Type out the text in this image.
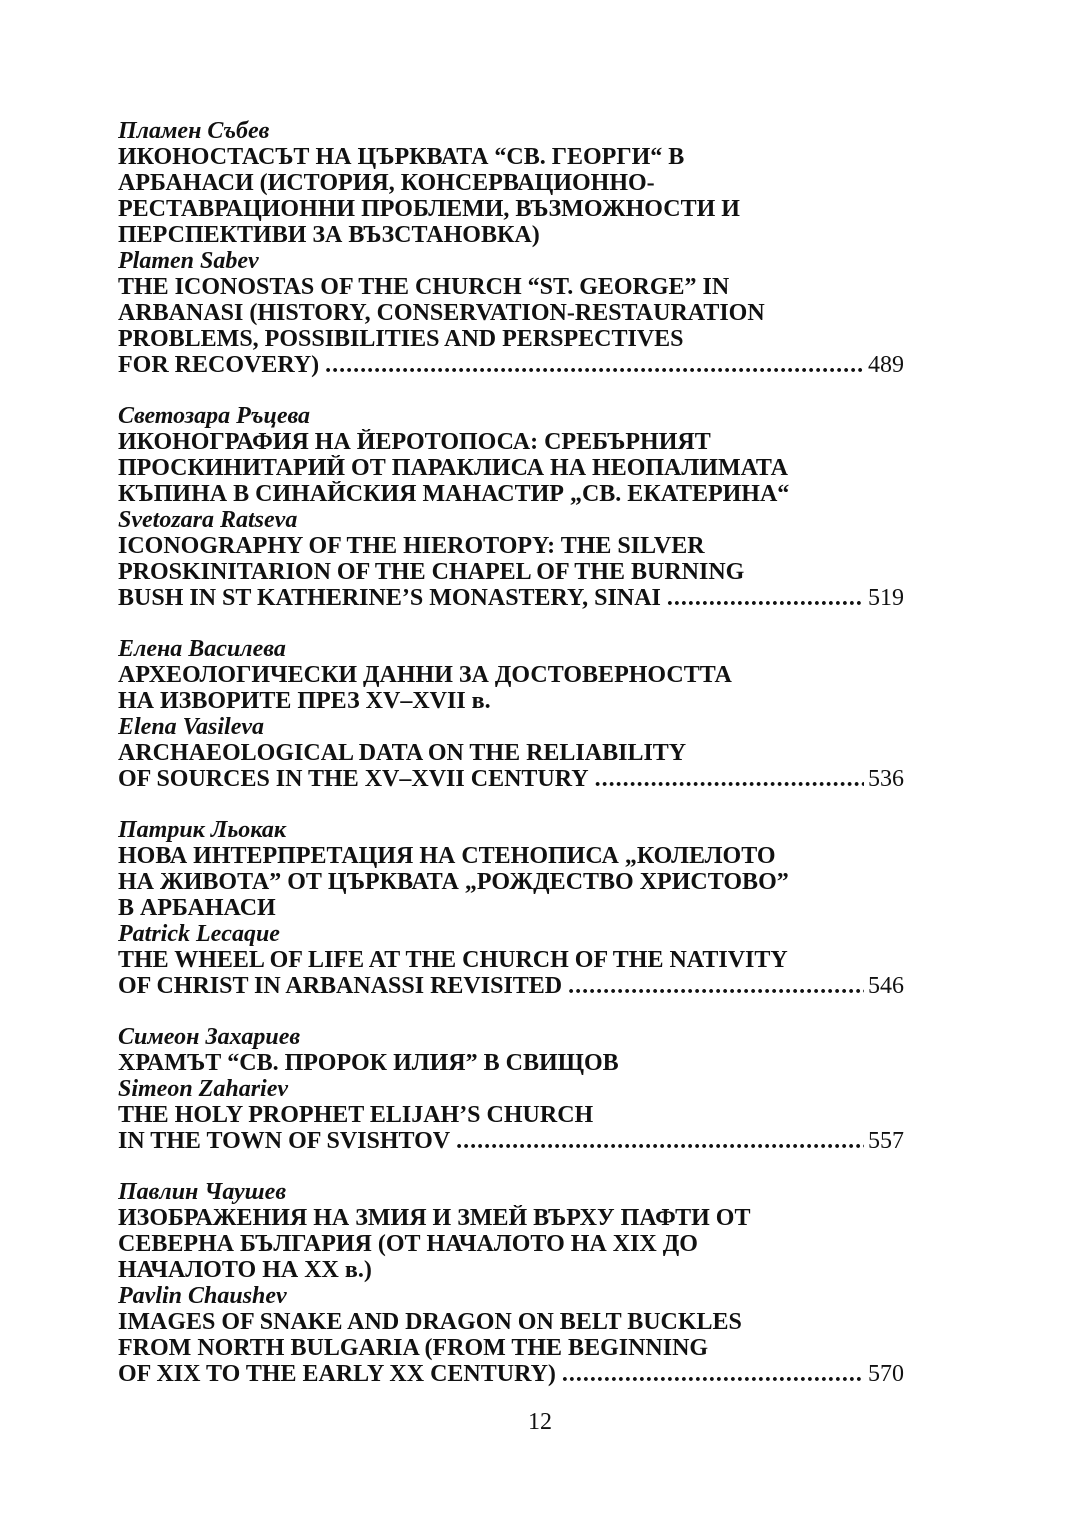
Пламен Събев
ИКОНОСТАСЪТ НА ЦЪРКВАТА “СВ. ГЕОРГИ“ В
АРБАНАСИ (ИСТОРИЯ, КОНСЕРВАЦИОННО-
РЕСТАВРАЦИОННИ ПРОБЛЕМИ, ВЪЗМОЖНОСТИ И
ПЕРСПЕКТИВИ ЗА ВЪЗСТАНОВКА)
Plamen Sabev
THE ICONOSTAS OF THE CHURCH “ST. GEORGE” IN
ARBANASI (HISTORY, CONSERVATION-RESTAURATION
PROBLEMS, POSSIBILITIES AND PERSPECTIVES
FOR RECOVERY) .....	489
Светозара Ръцева
ИКОНОГРАФИЯ НА ЙЕРОТОПОСА: СРЕБЪРНИЯТ
ПРОСКИНИТАРИЙ ОТ ПАРАКЛИСА НА НЕОПАЛИМАТА
КЪПИНА В СИНАЙСКИЯ МАНАСТИР „СВ. ЕКАТЕРИНА“
Svetozara Ratseva
ICONOGRAPHY OF THE HIEROTOPY: THE SILVER
PROSKINITARION OF THE CHAPEL OF THE BURNING
BUSH IN ST KATHERINE’S MONASTERY, SINAI .....	519
Елена Василева
АРХЕОЛОГИЧЕСКИ ДАННИ ЗА ДОСТОВЕРНОСТТА
НА ИЗВОРИТЕ ПРЕЗ XV–XVII в.
Elena Vasileva
ARCHAEOLOGICAL DATA ON THE RELIABILITY
OF SOURCES IN THE XV–XVII CENTURY .....	536
Патрик Льокак
НОВА ИНТЕРПРЕТАЦИЯ НА СТЕНОПИСА „КОЛЕЛОТО
НА ЖИВОТА” ОТ ЦЪРКВАТА „РОЖДЕСТВО ХРИСТОВО”
В АРБАНАСИ
Patrick Lecaque
THE WHEEL OF LIFE AT THE CHURCH OF THE NATIVITY
OF CHRIST IN ARBANASSI REVISITED .....	546
Симеон Захариев
ХРАМЪТ “СВ. ПРОРОК ИЛИЯ” В СВИЩОВ
Simeon Zahariev
THE HOLY PROPHET ELIJAH’S CHURCH
IN THE TOWN OF SVISHTOV .....	557
Павлин Чаушев
ИЗОБРАЖЕНИЯ НА ЗМИЯ И ЗМЕЙ ВЪРХУ ПАФТИ ОТ
СЕВЕРНА БЪЛГАРИЯ (ОТ НАЧАЛОТО НА XIX ДО
НАЧАЛОТО НА XX в.)
Pavlin Chaushev
IMAGES OF SNAKE AND DRAGON ON BELT BUCKLES
FROM NORTH BULGARIA (FROM THE BEGINNING
OF XIX TO THE EARLY XX CENTURY) .....	570
12
